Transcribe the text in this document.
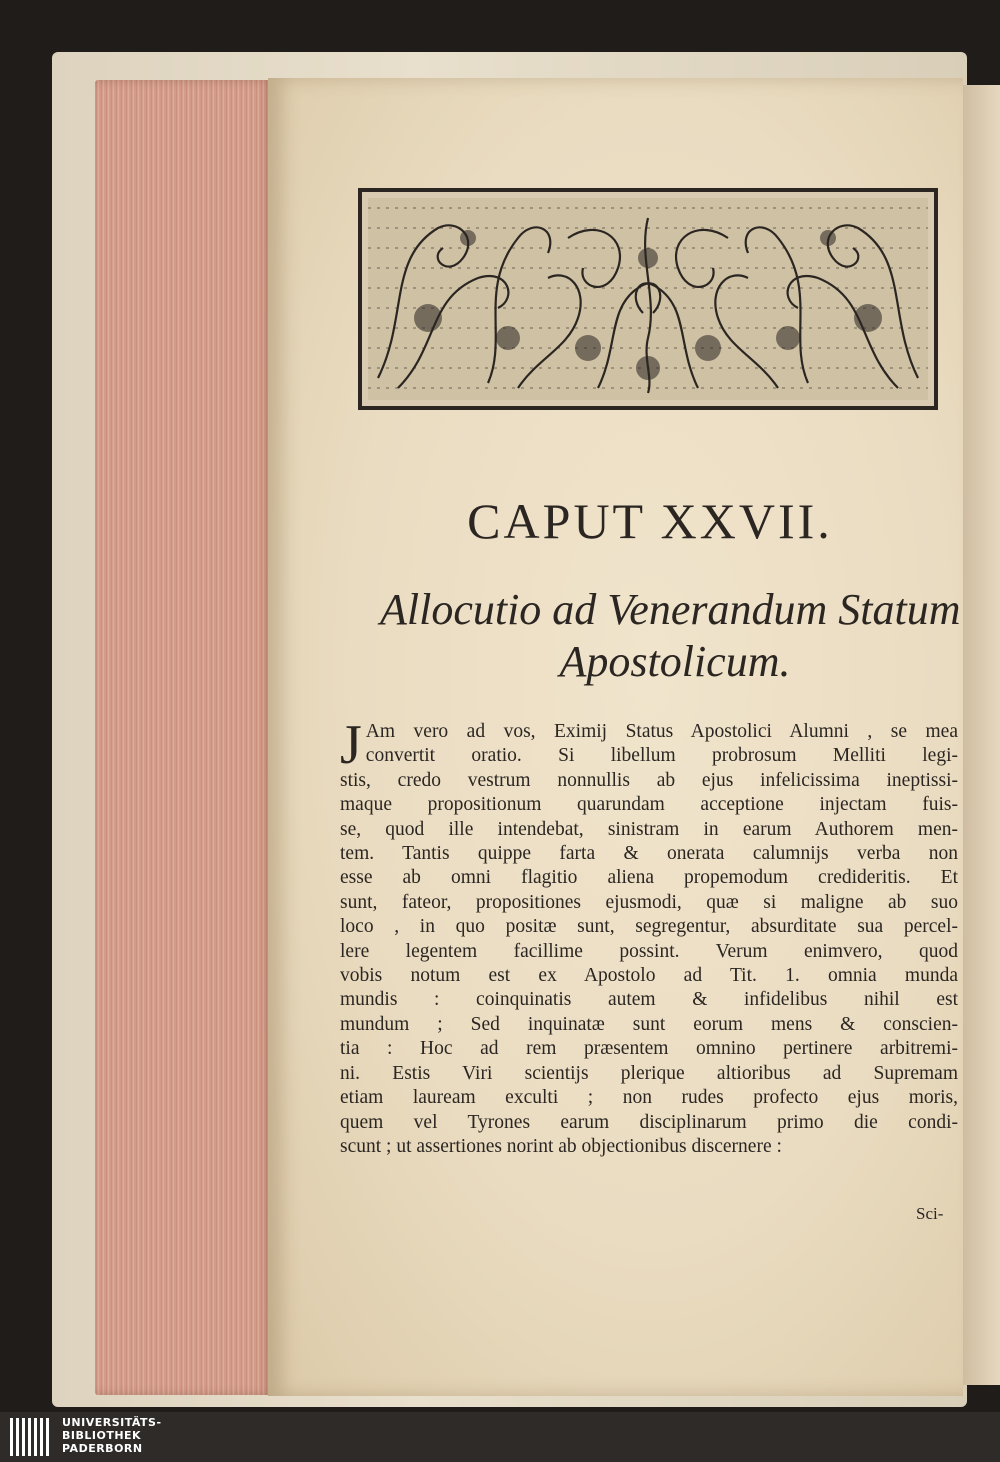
CAPUT XXVII.
Allocutio ad Venerandum Statum
Apostolicum.
J Am vero ad vos, Eximij Status Apostolici Alumni , se mea
convertit oratio. Si libellum probrosum Melliti legi-
stis, credo vestrum nonnullis ab ejus infelicissima ineptissi-
maque propositionum quarundam acceptione injectam fuis-
se, quod ille intendebat, sinistram in earum Authorem men-
tem. Tantis quippe farta & onerata calumnijs verba non
esse ab omni flagitio aliena propemodum credideritis. Et
sunt, fateor, propositiones ejusmodi, quæ si maligne ab suo
loco , in quo positæ sunt, segregentur, absurditate sua percel-
lere legentem facillime possint. Verum enimvero, quod
vobis notum est ex Apostolo ad Tit. 1. omnia munda
mundis : coinquinatis autem & infidelibus nihil est
mundum ; Sed inquinatæ sunt eorum mens & conscien-
tia : Hoc ad rem præsentem omnino pertinere arbitremi-
ni. Estis Viri scientijs plerique altioribus ad Supremam
etiam lauream exculti ; non rudes profecto ejus moris,
quem vel Tyrones earum disciplinarum primo die condi-
scunt ; ut assertiones norint ab objectionibus discernere :
Sci-
UNIVERSITÄTS-
BIBLIOTHEK
PADERBORN
